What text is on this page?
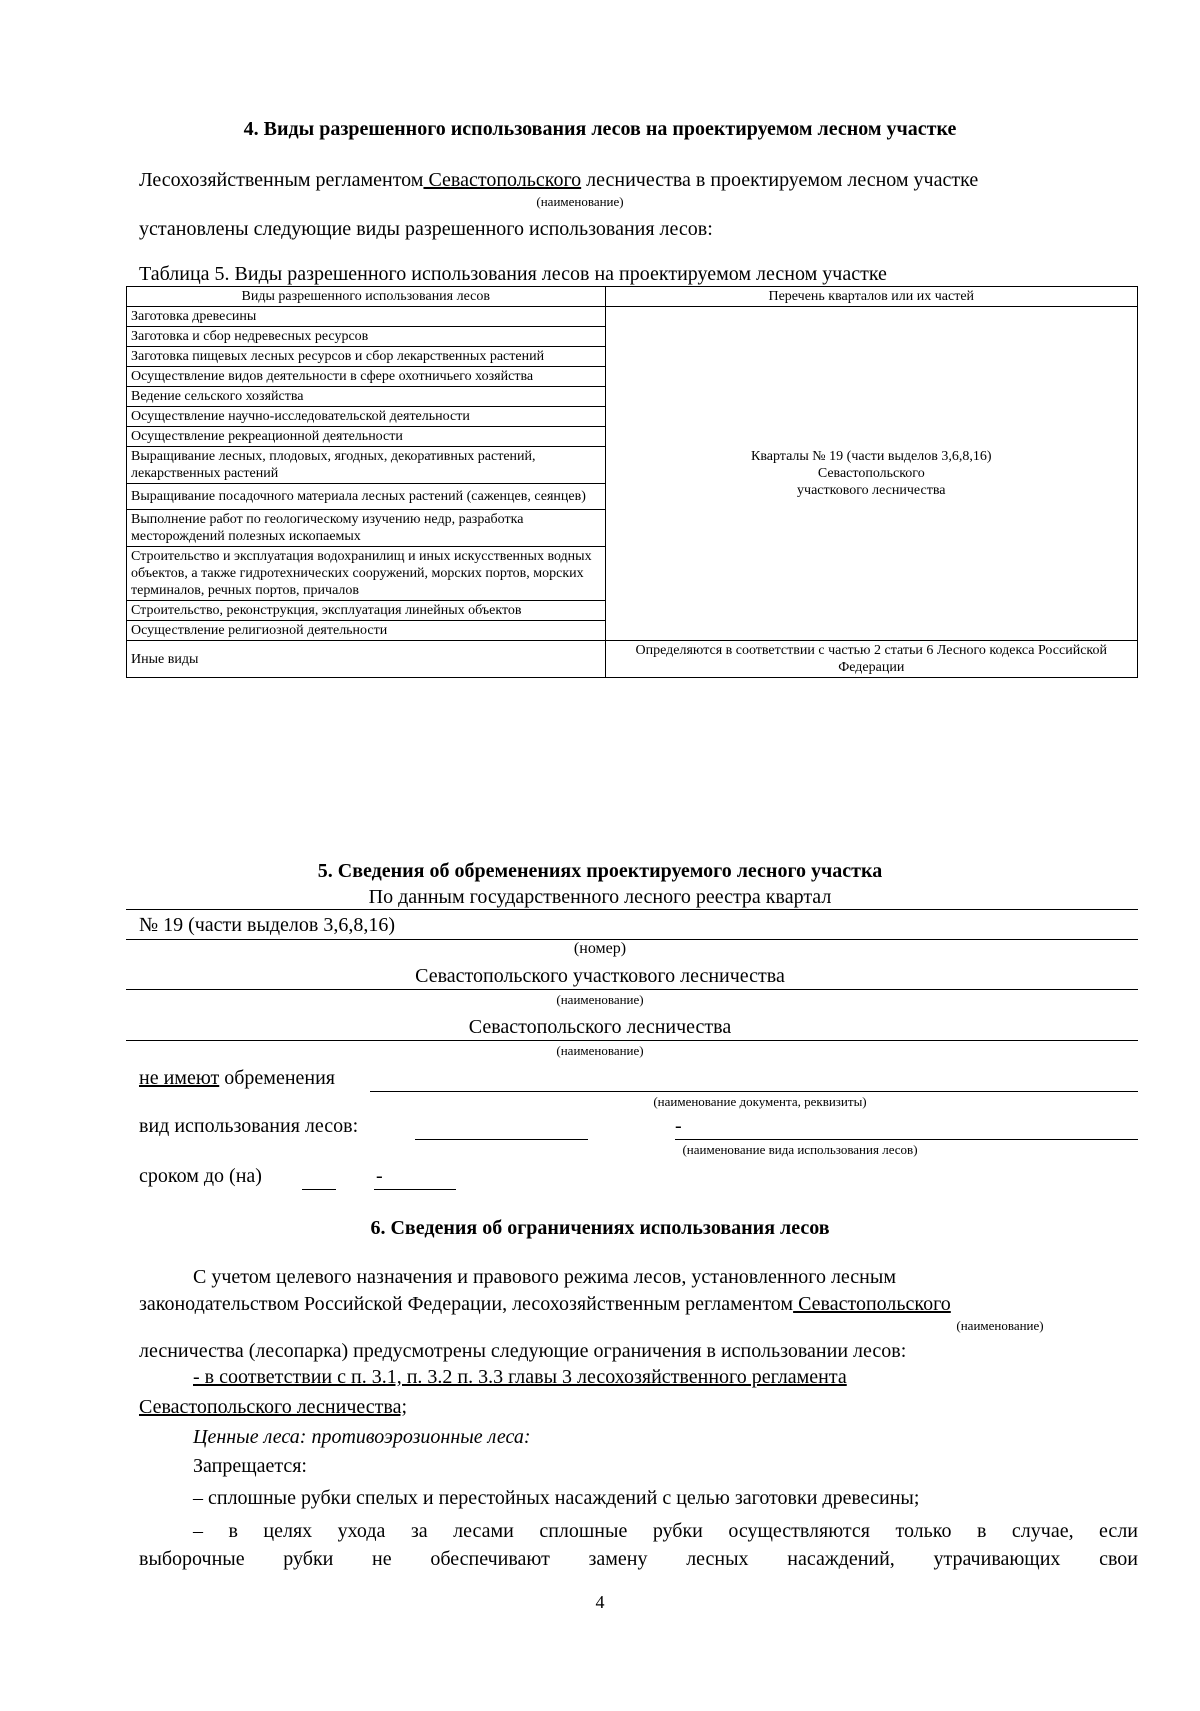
4. Виды разрешенного использования лесов на проектируемом лесном участке
Лесохозяйственным регламентом Севастопольского лесничества в проектируемом лесном участке
(наименование)
установлены следующие виды разрешенного использования лесов:
Таблица 5. Виды разрешенного использования лесов на проектируемом лесном участке
Виды разрешенного использования лесов	Перечень кварталов или их частей
Заготовка древесины	Кварталы № 19 (части выделов 3,6,8,16)
Севастопольского
участкового лесничества

Заготовка и сбор недревесных ресурсов	
Заготовка пищевых лесных ресурсов и сбор лекарственных растений	
Осуществление видов деятельности в сфере охотничьего хозяйства	
Ведение сельского хозяйства	
Осуществление научно-исследовательской деятельности	
Осуществление рекреационной деятельности	
Выращивание лесных, плодовых, ягодных, декоративных растений, лекарственных растений	
Выращивание посадочного материала лесных растений (саженцев, сеянцев)	
Выполнение работ по геологическому изучению недр, разработка месторождений полезных ископаемых	
Строительство и эксплуатация водохранилищ и иных искусственных водных объектов, а также гидротехнических сооружений, морских портов, морских терминалов, речных портов, причалов	
Строительство, реконструкция, эксплуатация линейных объектов	
Осуществление религиозной деятельности	
Иные виды	Определяются в соответствии с частью 2 статьи 6 Лесного кодекса Российской Федерации
5. Сведения об обременениях проектируемого лесного участка
По данным государственного лесного реестра квартал
№ 19 (части выделов 3,6,8,16)
(номер)
Севастопольского участкового лесничества
(наименование)
Севастопольского лесничества
(наименование)
не имеют обременения
(наименование документа, реквизиты)
вид использования лесов:	-
(наименование вида использования лесов)
сроком до (на)	-
6. Сведения об ограничениях использования лесов
С учетом целевого назначения и правового режима лесов, установленного лесным
законодательством Российской Федерации, лесохозяйственным регламентом Севастопольского
(наименование)
лесничества (лесопарка) предусмотрены следующие ограничения в использовании лесов:
- в соответствии с п. 3.1, п. 3.2 п. 3.3 главы 3 лесохозяйственного регламента
Севастопольского лесничества;
Ценные леса: противоэрозионные леса:
Запрещается:
– сплошные рубки спелых и перестойных насаждений с целью заготовки древесины;
– в целях ухода за лесами сплошные рубки осуществляются только в случае, если
выборочные рубки не обеспечивают замену лесных насаждений, утрачивающих свои
4
